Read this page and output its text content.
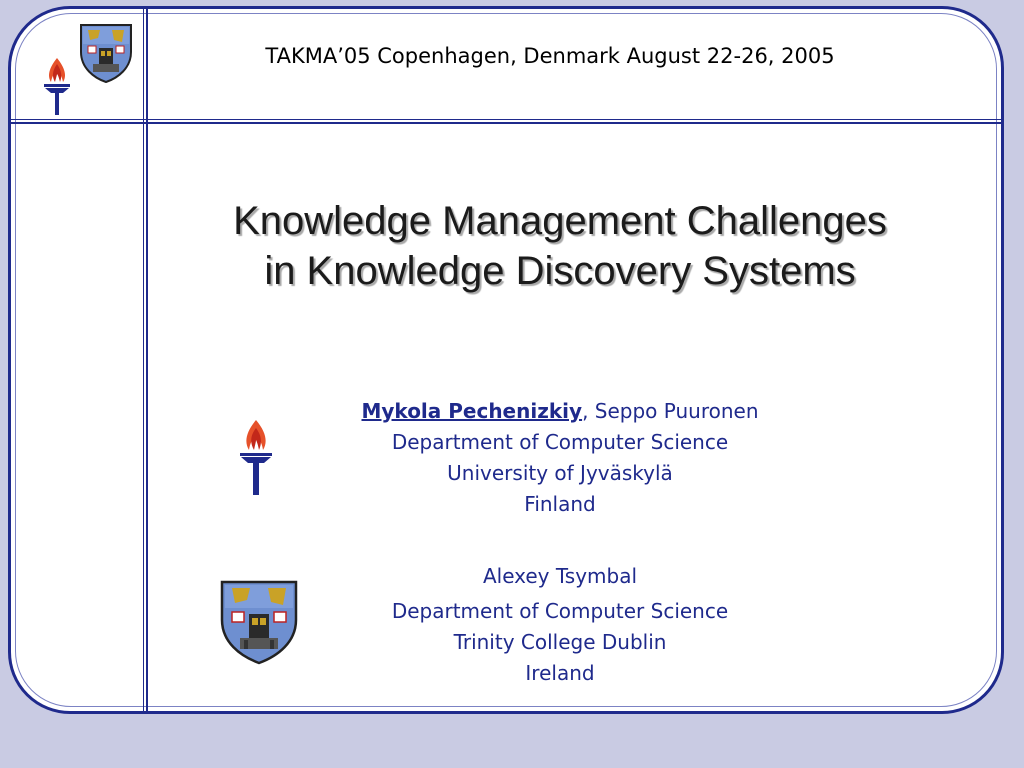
TAKMA’05 Copenhagen, Denmark August 22-26, 2005
Knowledge Management Challenges
in Knowledge Discovery Systems
Mykola Pechenizkiy, Seppo Puuronen
Department of Computer Science
University of Jyväskylä
Finland
Alexey Tsymbal
Department of Computer Science
Trinity College Dublin
Ireland
